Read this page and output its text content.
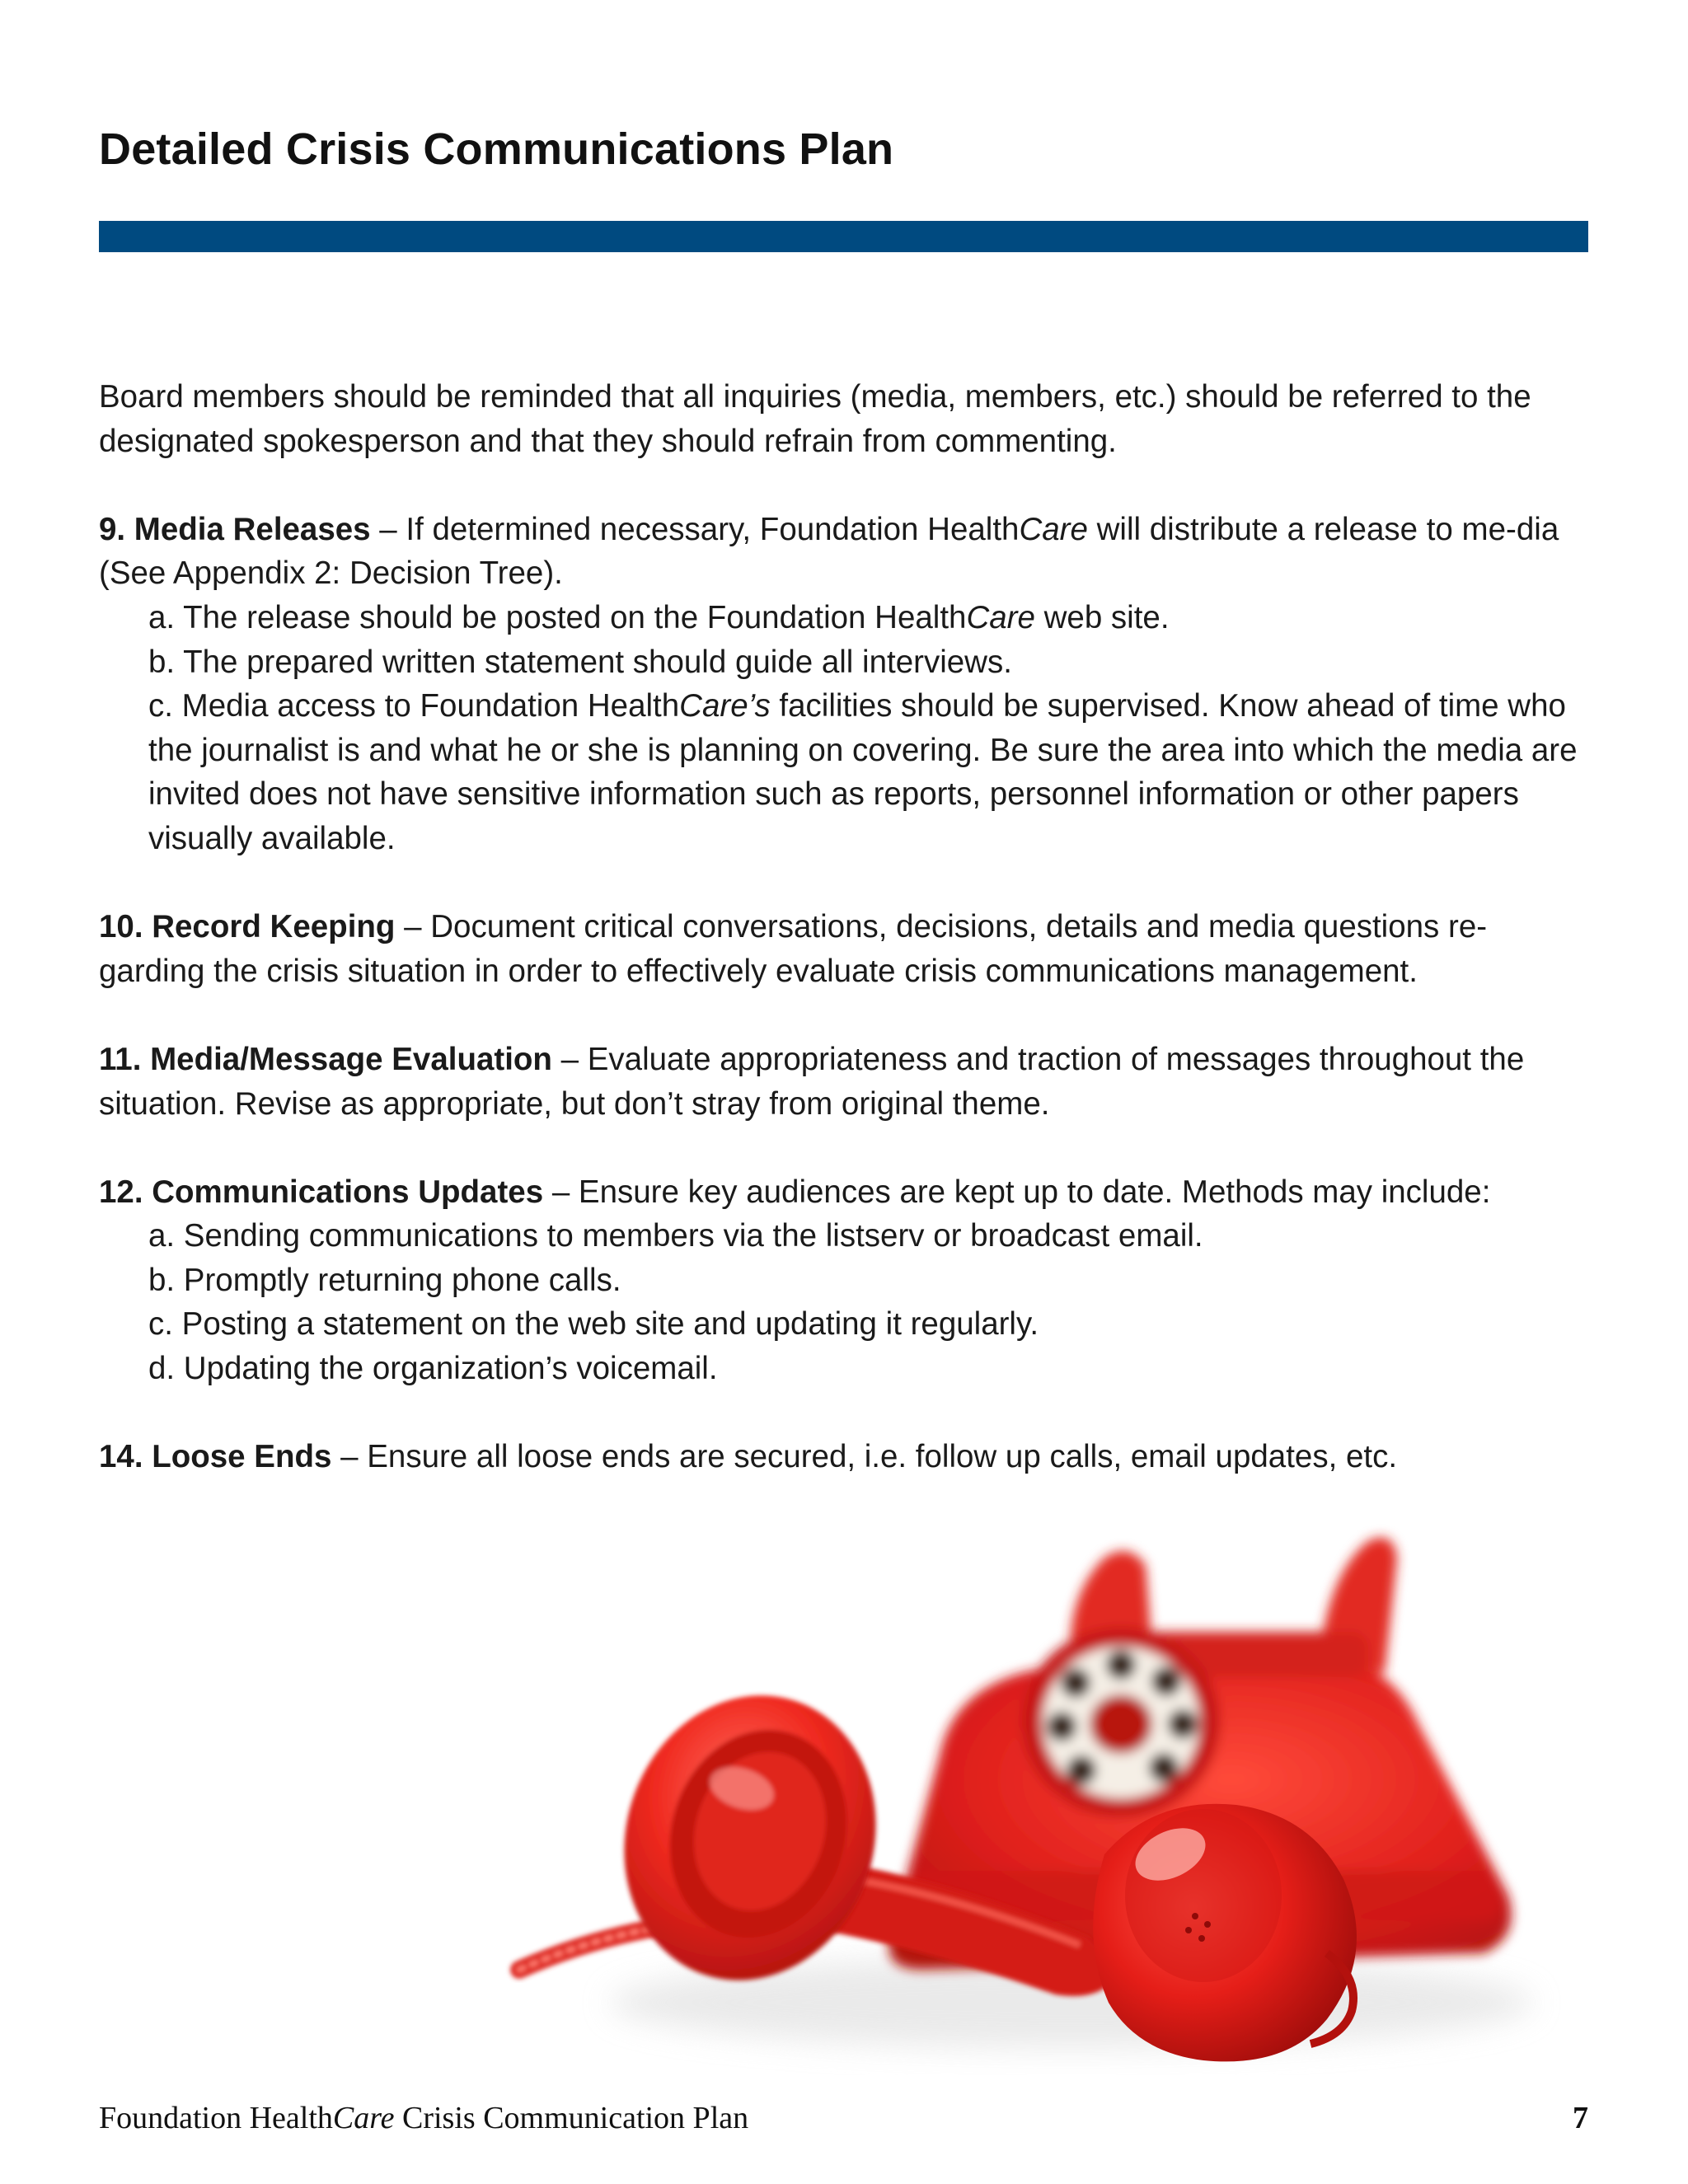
Detailed Crisis Communications Plan

Board members should be reminded that all inquiries (media, members, etc.) should be referred to the designated spokesperson and that they should refrain from commenting.

9. Media Releases – If determined necessary, Foundation HealthCare will distribute a release to me-dia (See Appendix 2: Decision Tree).

a. The release should be posted on the Foundation HealthCare web site.
b. The prepared written statement should guide all interviews.
c. Media access to Foundation HealthCare’s facilities should be supervised. Know ahead of time who the journalist is and what he or she is planning on covering. Be sure the area into which the media are invited does not have sensitive information such as reports, personnel information or other papers visually available.

10. Record Keeping – Document critical conversations, decisions, details and media questions re-garding the crisis situation in order to effectively evaluate crisis communications management.

11. Media/Message Evaluation – Evaluate appropriateness and traction of messages throughout the situation. Revise as appropriate, but don’t stray from original theme.

12. Communications Updates – Ensure key audiences are kept up to date. Methods may include:

a. Sending communications to members via the listserv or broadcast email.
b. Promptly returning phone calls.
c. Posting a statement on the web site and updating it regularly.
d. Updating the organization’s voicemail.

14. Loose Ends – Ensure all loose ends are secured, i.e. follow up calls, email updates, etc.

Foundation HealthCare Crisis Communication Plan	7
